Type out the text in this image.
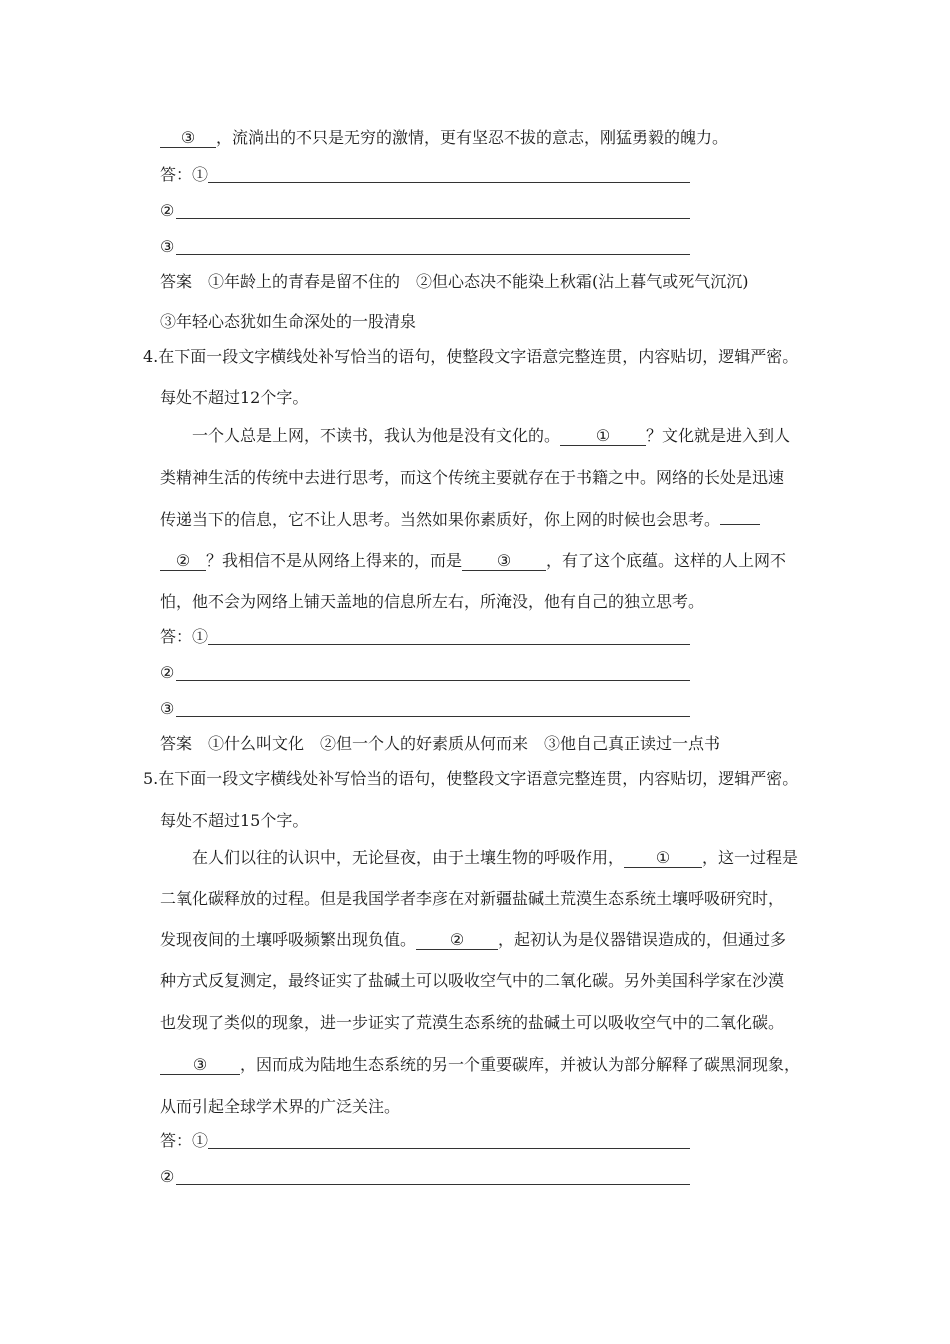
③ ，流淌出的不只是无穷的激情，更有坚忍不拔的意志，刚猛勇毅的魄力。
答：①
②
③
答案　①年龄上的青春是留不住的　②但心态决不能染上秋霜(沾上暮气或死气沉沉)
③年轻心态犹如生命深处的一股清泉
4.在下面一段文字横线处补写恰当的语句，使整段文字语意完整连贯，内容贴切，逻辑严密。
每处不超过12个字。
一个人总是上网，不读书，我认为他是没有文化的。 ① ？文化就是进入到人
类精神生活的传统中去进行思考，而这个传统主要就存在于书籍之中。网络的长处是迅速
传递当下的信息，它不让人思考。当然如果你素质好，你上网的时候也会思考。
② ？我相信不是从网络上得来的，而是 ③ ，有了这个底蕴。这样的人上网不
怕，他不会为网络上铺天盖地的信息所左右，所淹没，他有自己的独立思考。
答：①
②
③
答案　①什么叫文化　②但一个人的好素质从何而来　③他自己真正读过一点书
5.在下面一段文字横线处补写恰当的语句，使整段文字语意完整连贯，内容贴切，逻辑严密。
每处不超过15个字。
在人们以往的认识中，无论昼夜，由于土壤生物的呼吸作用， ① ，这一过程是
二氧化碳释放的过程。但是我国学者李彦在对新疆盐碱土荒漠生态系统土壤呼吸研究时，
发现夜间的土壤呼吸频繁出现负值。 ② ，起初认为是仪器错误造成的，但通过多
种方式反复测定，最终证实了盐碱土可以吸收空气中的二氧化碳。另外美国科学家在沙漠
也发现了类似的现象，进一步证实了荒漠生态系统的盐碱土可以吸收空气中的二氧化碳。
③ ，因而成为陆地生态系统的另一个重要碳库，并被认为部分解释了碳黑洞现象，
从而引起全球学术界的广泛关注。
答：①
②
